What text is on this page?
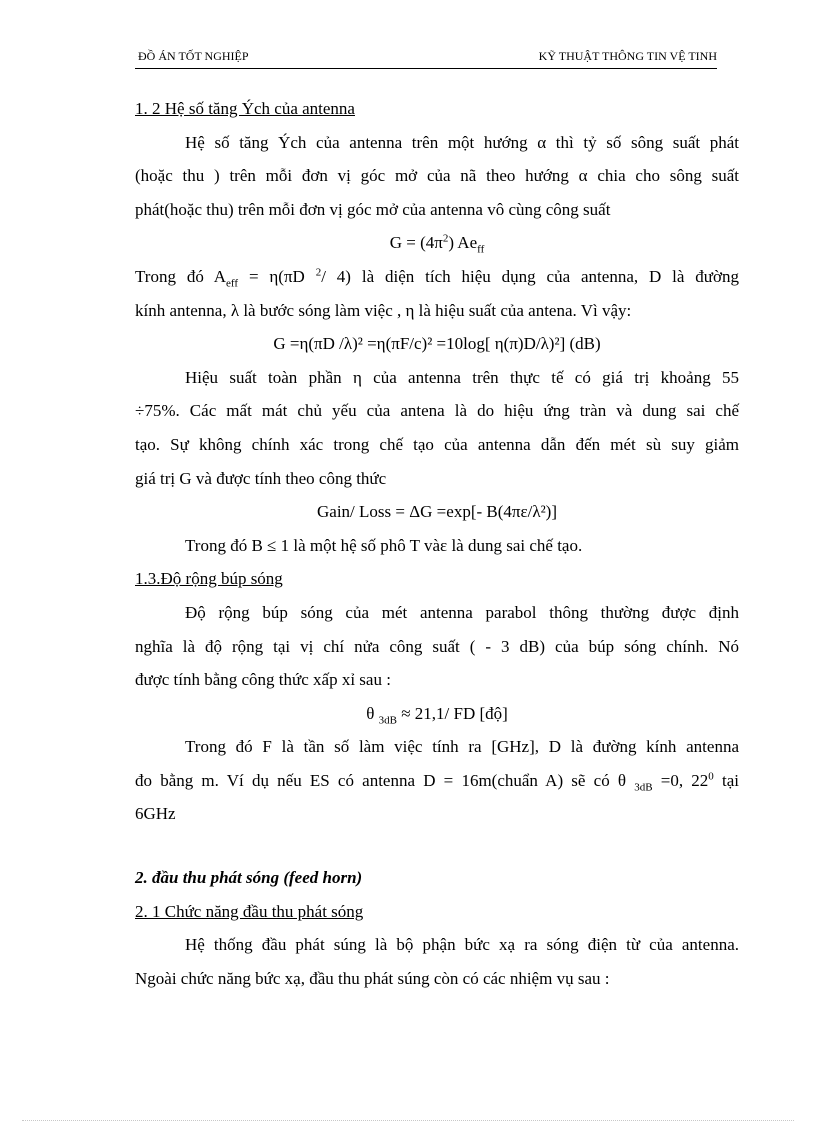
ĐỒ ÁN TỐT NGHIỆP	KỸ THUẬT THÔNG TIN VỆ TINH

1. 2 Hệ số tăng Ých của antenna

Hệ số tăng Ých của antenna trên một hướng α thì tỷ số sông suất phát

(hoặc thu ) trên mỗi đơn vị góc mở của nã theo hướng α chia cho sông suất

phát(hoặc thu) trên mỗi đơn vị góc mở của antenna vô cùng công suất

$G = (4\pi^2)$ $Ae_{ff}$

Trong đó $A_{eff} = \eta(\pi D$ $^2$/ 4) là diện tích hiệu dụng của antenna, D là đường

kính antenna, λ là bước sóng làm việc , η là hiệu suất của antena. Vì vậy:

G =η(πD /λ)² =η(πF/c)² =10log[ η(π)D/λ)²] (dB)

Hiệu suất toàn phần η của antenna trên thực tế có giá trị khoảng 55

÷75%. Các mất mát chủ yếu của antena là do hiệu ứng tràn và dung sai chế

tạo. Sự không chính xác trong chế tạo của antenna dẫn đến mét sù suy giảm

giá trị G và được tính theo công thức

Gain/ Loss = ΔG =exp[- B(4πε/λ²)]

Trong đó B ≤ 1 là một hệ số phô T vàε là dung sai chế tạo.

1.3.Độ rộng búp sóng

Độ rộng búp sóng của mét antenna parabol thông thường được định

nghĩa là độ rộng tại vị chí nửa công suất ( - 3 dB) của búp sóng chính. Nó

được tính bằng công thức xấp xỉ sau :

θ $_{3dB}$ ≈ 21,1/ FD [độ]

Trong đó F là tần số làm việc tính ra [GHz], D là đường kính antenna

đo bằng m. Ví dụ nếu ES có antenna D = 16m(chuẩn A) sẽ có θ $_{3dB}$ =0, $22^0$ tại

6GHz

2. đầu thu phát sóng (feed horn)

2. 1 Chức năng đầu thu phát sóng

Hệ thống đầu phát súng là bộ phận bức xạ ra sóng điện từ của antenna.

Ngoài chức năng bức xạ, đầu thu phát súng còn có các nhiệm vụ sau :
